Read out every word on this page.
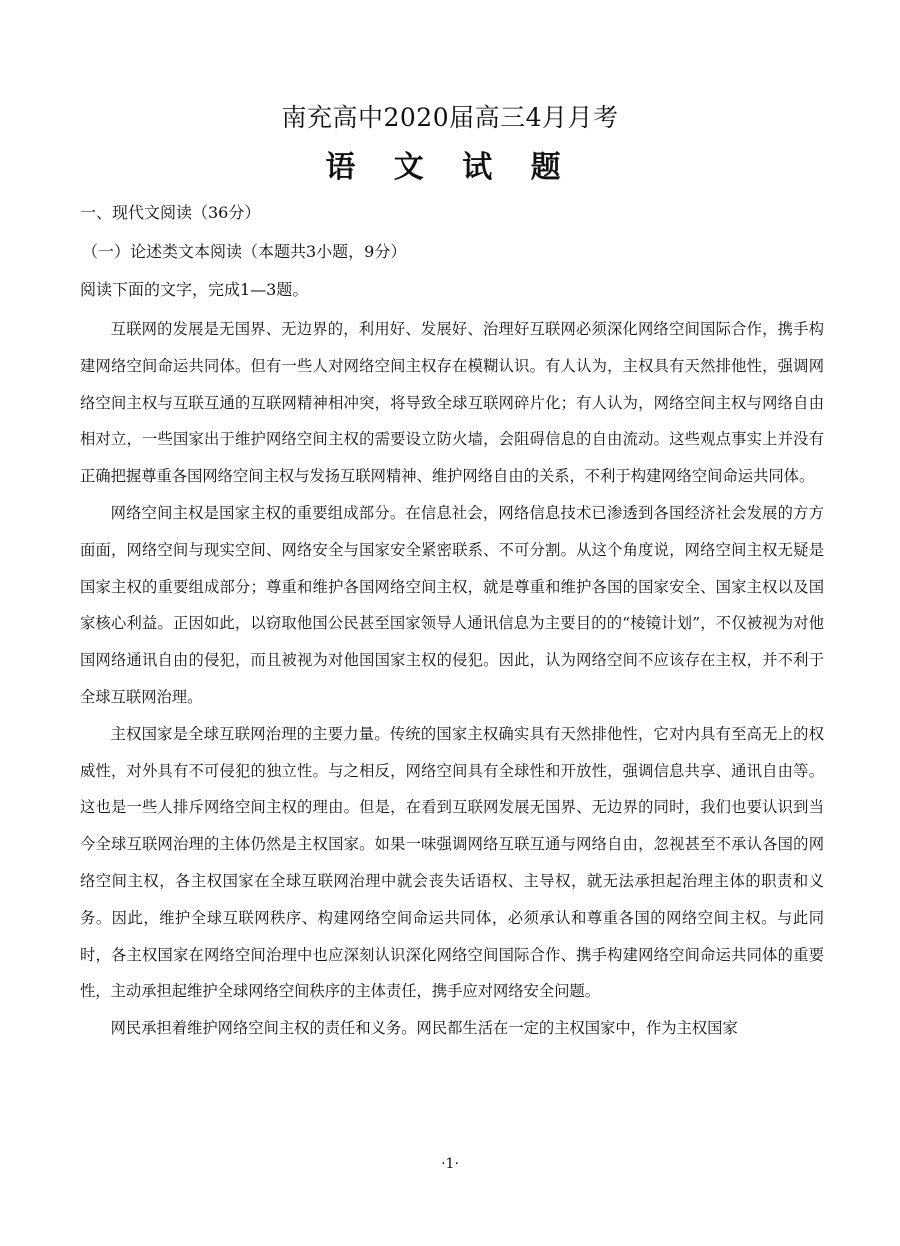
南充高中2020届高三4月月考
语 文 试 题
一、现代文阅读（36分）
（一）论述类文本阅读（本题共3小题，9分）
阅读下面的文字，完成1—3题。

互联网的发展是无国界、无边界的，利用好、发展好、治理好互联网必须深化网络空间国际合作，携手构建网络空间命运共同体。但有一些人对网络空间主权存在模糊认识。有人认为，主权具有天然排他性，强调网络空间主权与互联互通的互联网精神相冲突，将导致全球互联网碎片化；有人认为，网络空间主权与网络自由相对立，一些国家出于维护网络空间主权的需要设立防火墙，会阻碍信息的自由流动。这些观点事实上并没有正确把握尊重各国网络空间主权与发扬互联网精神、维护网络自由的关系，不利于构建网络空间命运共同体。

网络空间主权是国家主权的重要组成部分。在信息社会，网络信息技术已渗透到各国经济社会发展的方方面面，网络空间与现实空间、网络安全与国家安全紧密联系、不可分割。从这个角度说，网络空间主权无疑是国家主权的重要组成部分；尊重和维护各国网络空间主权，就是尊重和维护各国的国家安全、国家主权以及国家核心利益。正因如此，以窃取他国公民甚至国家领导人通讯信息为主要目的的“棱镜计划”，不仅被视为对他国网络通讯自由的侵犯，而且被视为对他国国家主权的侵犯。因此，认为网络空间不应该存在主权，并不利于全球互联网治理。

主权国家是全球互联网治理的主要力量。传统的国家主权确实具有天然排他性，它对内具有至高无上的权威性，对外具有不可侵犯的独立性。与之相反，网络空间具有全球性和开放性，强调信息共享、通讯自由等。这也是一些人排斥网络空间主权的理由。但是，在看到互联网发展无国界、无边界的同时，我们也要认识到当今全球互联网治理的主体仍然是主权国家。如果一味强调网络互联互通与网络自由，忽视甚至不承认各国的网络空间主权，各主权国家在全球互联网治理中就会丧失话语权、主导权，就无法承担起治理主体的职责和义务。因此，维护全球互联网秩序、构建网络空间命运共同体，必须承认和尊重各国的网络空间主权。与此同时，各主权国家在网络空间治理中也应深刻认识深化网络空间国际合作、携手构建网络空间命运共同体的重要性，主动承担起维护全球网络空间秩序的主体责任，携手应对网络安全问题。

网民承担着维护网络空间主权的责任和义务。网民都生活在一定的主权国家中，作为主权国家

·1·
